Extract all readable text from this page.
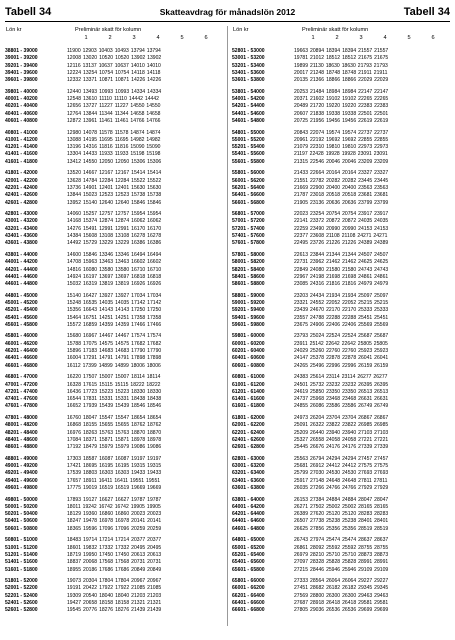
Tabell 34	Skatteavdrag för månadslön 2012	Tabell 34
Lön kr	Preliminär skatt för kolumn
1	2	3	4	5	6
38801 - 39000	11900 12903 10403 10493 13794 13794
39001 - 39200	12008 13020 10520 10520 13902 13902
39201 - 39400	12116 13137 10637 10637 14010 14010
39401 - 39600	12224 13254 10754 10754 14118 14118
39601 - 39800	12332 13371 10871 10871 14226 14226
39801 - 40000	12440 13493 10993 10993 14334 14334
40001 - 40200	12548 13610 11110 11110 14442 14442
40201 - 40400	12656 13727 11227 11227 14550 14550
40401 - 40600	12764 13844 11344 11344 14658 14658
40601 - 40800	12872 13961 11461 11461 14766 14766
40801 - 41000	12980 14078 11578 11578 14874 14874
41001 - 41200	13088 14195 11695 11695 14982 14982
41201 - 41400	13196 14316 11816 11816 15090 15090
41401 - 41600	13304 14433 11933 11933 15198 15198
41601 - 41800	13412 14550 12050 12050 15306 15306
41801 - 42000	13520 14667 12167 12167 15414 15414
42001 - 42200	13628 14784 12284 12284 15522 15522
42201 - 42400	13736 14901 12401 12401 15630 15630
42401 - 42600	13844 15023 12523 12523 15738 15738
42601 - 42800	13952 15140 12640 12640 15846 15846
42801 - 43000	14060 15257 12757 12757 15954 15954
43001 - 43200	14168 15374 12874 12874 16062 16062
43201 - 43400	14276 15491 12991 12991 16170 16170
43401 - 43600	14384 15608 13108 13108 16278 16278
43601 - 43800	14492 15729 13229 13229 16386 16386
43801 - 44000	14600 15846 13346 13346 16494 16494
44001 - 44200	14708 15963 13463 13463 16602 16602
44201 - 44400	14816 16080 13580 13580 16710 16710
44401 - 44600	14924 16197 13697 13697 16818 16818
44601 - 44800	15032 16319 13819 13819 16926 16926
44801 - 45000	15140 16427 13927 13927 17034 17034
45001 - 45200	15248 16535 14035 14035 17142 17142
45201 - 45400	15356 16643 14143 14143 17250 17250
45401 - 45600	15464 16751 14251 14251 17358 17358
45601 - 45800	15572 16859 14359 14359 17466 17466
45801 - 46000	15680 16967 14467 14467 17574 17574
46001 - 46200	15788 17075 14575 14575 17682 17682
46201 - 46400	15896 17183 14683 14683 17790 17790
46401 - 46600	16004 17291 14791 14791 17898 17898
46601 - 46800	16112 17399 14899 14899 18006 18006
46801 - 47000	16220 17507 15007 15007 18114 18114
47001 - 47200	16328 17615 15115 15115 18222 18222
47201 - 47400	16436 17723 15223 15223 18330 18330
47401 - 47600	16544 17831 15331 15331 18438 18438
47601 - 47800	16652 17939 15439 15439 18546 18546
47801 - 48000	16760 18047 15547 15547 18654 18654
48001 - 48200	16868 18155 15655 15655 18762 18762
48201 - 48400	16976 18263 15763 15763 18870 18870
48401 - 48600	17084 18371 15871 15871 18978 18978
48601 - 48800	17192 18479 15979 15979 19086 19086
48801 - 49000	17303 18587 16087 16087 19197 19197
49001 - 49200	17421 18695 16195 16195 19315 19315
49201 - 49400	17539 18803 16303 16303 19433 19433
49401 - 49600	17657 18911 16411 16411 19551 19551
49601 - 49800	17775 19019 16519 16519 19669 19669
49801 - 50000	17893 19127 16627 16627 19787 19787
50001 - 50200	18011 19242 16742 16742 19905 19905
50201 - 50400	18129 19360 16860 16860 20023 20023
50401 - 50600	18247 19478 16978 16978 20141 20141
50601 - 50800	18365 19596 17096 17096 20259 20259
50801 - 51000	18483 19714 17214 17214 20377 20377
51001 - 51200	18601 19832 17332 17332 20495 20495
51201 - 51400	18719 19950 17450 17450 20613 20613
51401 - 51600	18837 20068 17568 17568 20731 20731
51601 - 51800	18955 20186 17686 17686 20849 20849
51801 - 52000	19073 20304 17804 17804 20967 20967
52001 - 52200	19191 20422 17922 17922 21085 21085
52201 - 52400	19309 20540 18040 18040 21203 21203
52401 - 52600	19427 20658 18158 18158 21321 21321
52601 - 52800	19545 20776 18276 18276 21439 21439
Lön kr	Preliminär skatt för kolumn
1	2	3	4	5	6
52801 - 53000	19663 20894 18394 18394 21557 21557
53001 - 53200	19781 21012 18512 18512 21675 21675
53201 - 53400	19899 21130 18630 18630 21793 21793
53401 - 53600	20017 21248 18748 18748 21911 21911
53601 - 53800	20135 21366 18866 18866 22029 22029
53801 - 54000	20253 21484 18984 18984 22147 22147
54001 - 54200	20371 21602 19102 19102 22265 22265
54201 - 54400	20489 21720 19220 19220 22383 22383
54401 - 54600	20607 21838 19338 19338 22501 22501
54601 - 54800	20725 21956 19456 19456 22619 22619
54801 - 55000	20843 22074 19574 19574 22737 22737
55001 - 55200	20961 22192 19692 19692 22855 22855
55201 - 55400	21079 22310 19810 19810 22973 22973
55401 - 55600	21197 22428 19928 19928 23091 23091
55601 - 55800	21315 22546 20046 20046 23209 23209
55801 - 56000	21433 22664 20164 20164 23327 23327
56001 - 56200	21551 22782 20282 20282 23445 23445
56201 - 56400	21669 22900 20400 20400 23563 23563
56401 - 56600	21787 23018 20518 20518 23681 23681
56601 - 56800	21905 23136 20636 20636 23799 23799
56801 - 57000	22023 23254 20754 20754 23917 23917
57001 - 57200	22141 23372 20872 20872 24035 24035
57201 - 57400	22259 23490 20990 20990 24153 24153
57401 - 57600	22377 23608 21108 21108 24271 24271
57601 - 57800	22495 23726 21226 21226 24389 24389
57801 - 58000	22613 23844 21344 21344 24507 24507
58001 - 58200	22731 23962 21462 21462 24625 24625
58201 - 58400	22849 24080 21580 21580 24743 24743
58401 - 58600	22967 24198 21698 21698 24861 24861
58601 - 58800	23085 24316 21816 21816 24979 24979
58801 - 59000	23203 24434 21934 21934 25097 25097
59001 - 59200	23321 24552 22052 22052 25215 25215
59201 - 59400	23439 24670 22170 22170 25333 25333
59401 - 59600	23557 24788 22288 22288 25451 25451
59601 - 59800	23675 24906 22406 22406 25569 25569
59801 - 60000	23793 25024 22524 22524 25687 25687
60001 - 60200	23911 25142 22642 22642 25805 25805
60201 - 60400	24029 25260 22760 22760 25923 25923
60401 - 60600	24147 25378 22878 22878 26041 26041
60601 - 60800	24265 25496 22996 22996 26159 26159
60801 - 61000	24383 25614 23114 23114 26277 26277
61001 - 61200	24501 25732 23232 23232 26395 26395
61201 - 61400	24619 25850 23350 23350 26513 26513
61401 - 61600	24737 25968 23468 23468 26631 26631
61601 - 61800	24855 26086 23586 23586 26749 26749
61801 - 62000	24973 26204 23704 23704 26867 26867
62001 - 62200	25091 26322 23822 23822 26985 26985
62201 - 62400	25209 26440 23940 23940 27103 27103
62401 - 62600	25327 26558 24058 24058 27221 27221
62601 - 62800	25445 26676 24176 24176 27339 27339
62801 - 63000	25563 26794 24294 24294 27457 27457
63001 - 63200	25681 26912 24412 24412 27575 27575
63201 - 63400	25799 27030 24530 24530 27693 27693
63401 - 63600	25917 27148 24648 24648 27811 27811
63601 - 63800	26035 27266 24766 24766 27929 27929
63801 - 64000	26153 27384 24884 24884 28047 28047
64001 - 64200	26271 27502 25002 25002 28165 28165
64201 - 64400	26389 27620 25120 25120 28283 28283
64401 - 64600	26507 27738 25238 25238 28401 28401
64601 - 64800	26625 27856 25356 25356 28519 28519
64801 - 65000	26743 27974 25474 25474 28637 28637
65001 - 65200	26861 28092 25592 25592 28755 28755
65201 - 65400	26979 28210 25710 25710 28873 28873
65401 - 65600	27097 28328 25828 25828 28991 28991
65601 - 65800	27215 28446 25946 25946 29109 29109
65801 - 66000	27333 28564 26064 26064 29227 29227
66001 - 66200	27451 28682 26182 26182 29345 29345
66201 - 66400	27569 28800 26300 26300 29463 29463
66401 - 66600	27687 28918 26418 26418 29581 29581
66601 - 66800	27805 29036 26536 26536 29699 29699
